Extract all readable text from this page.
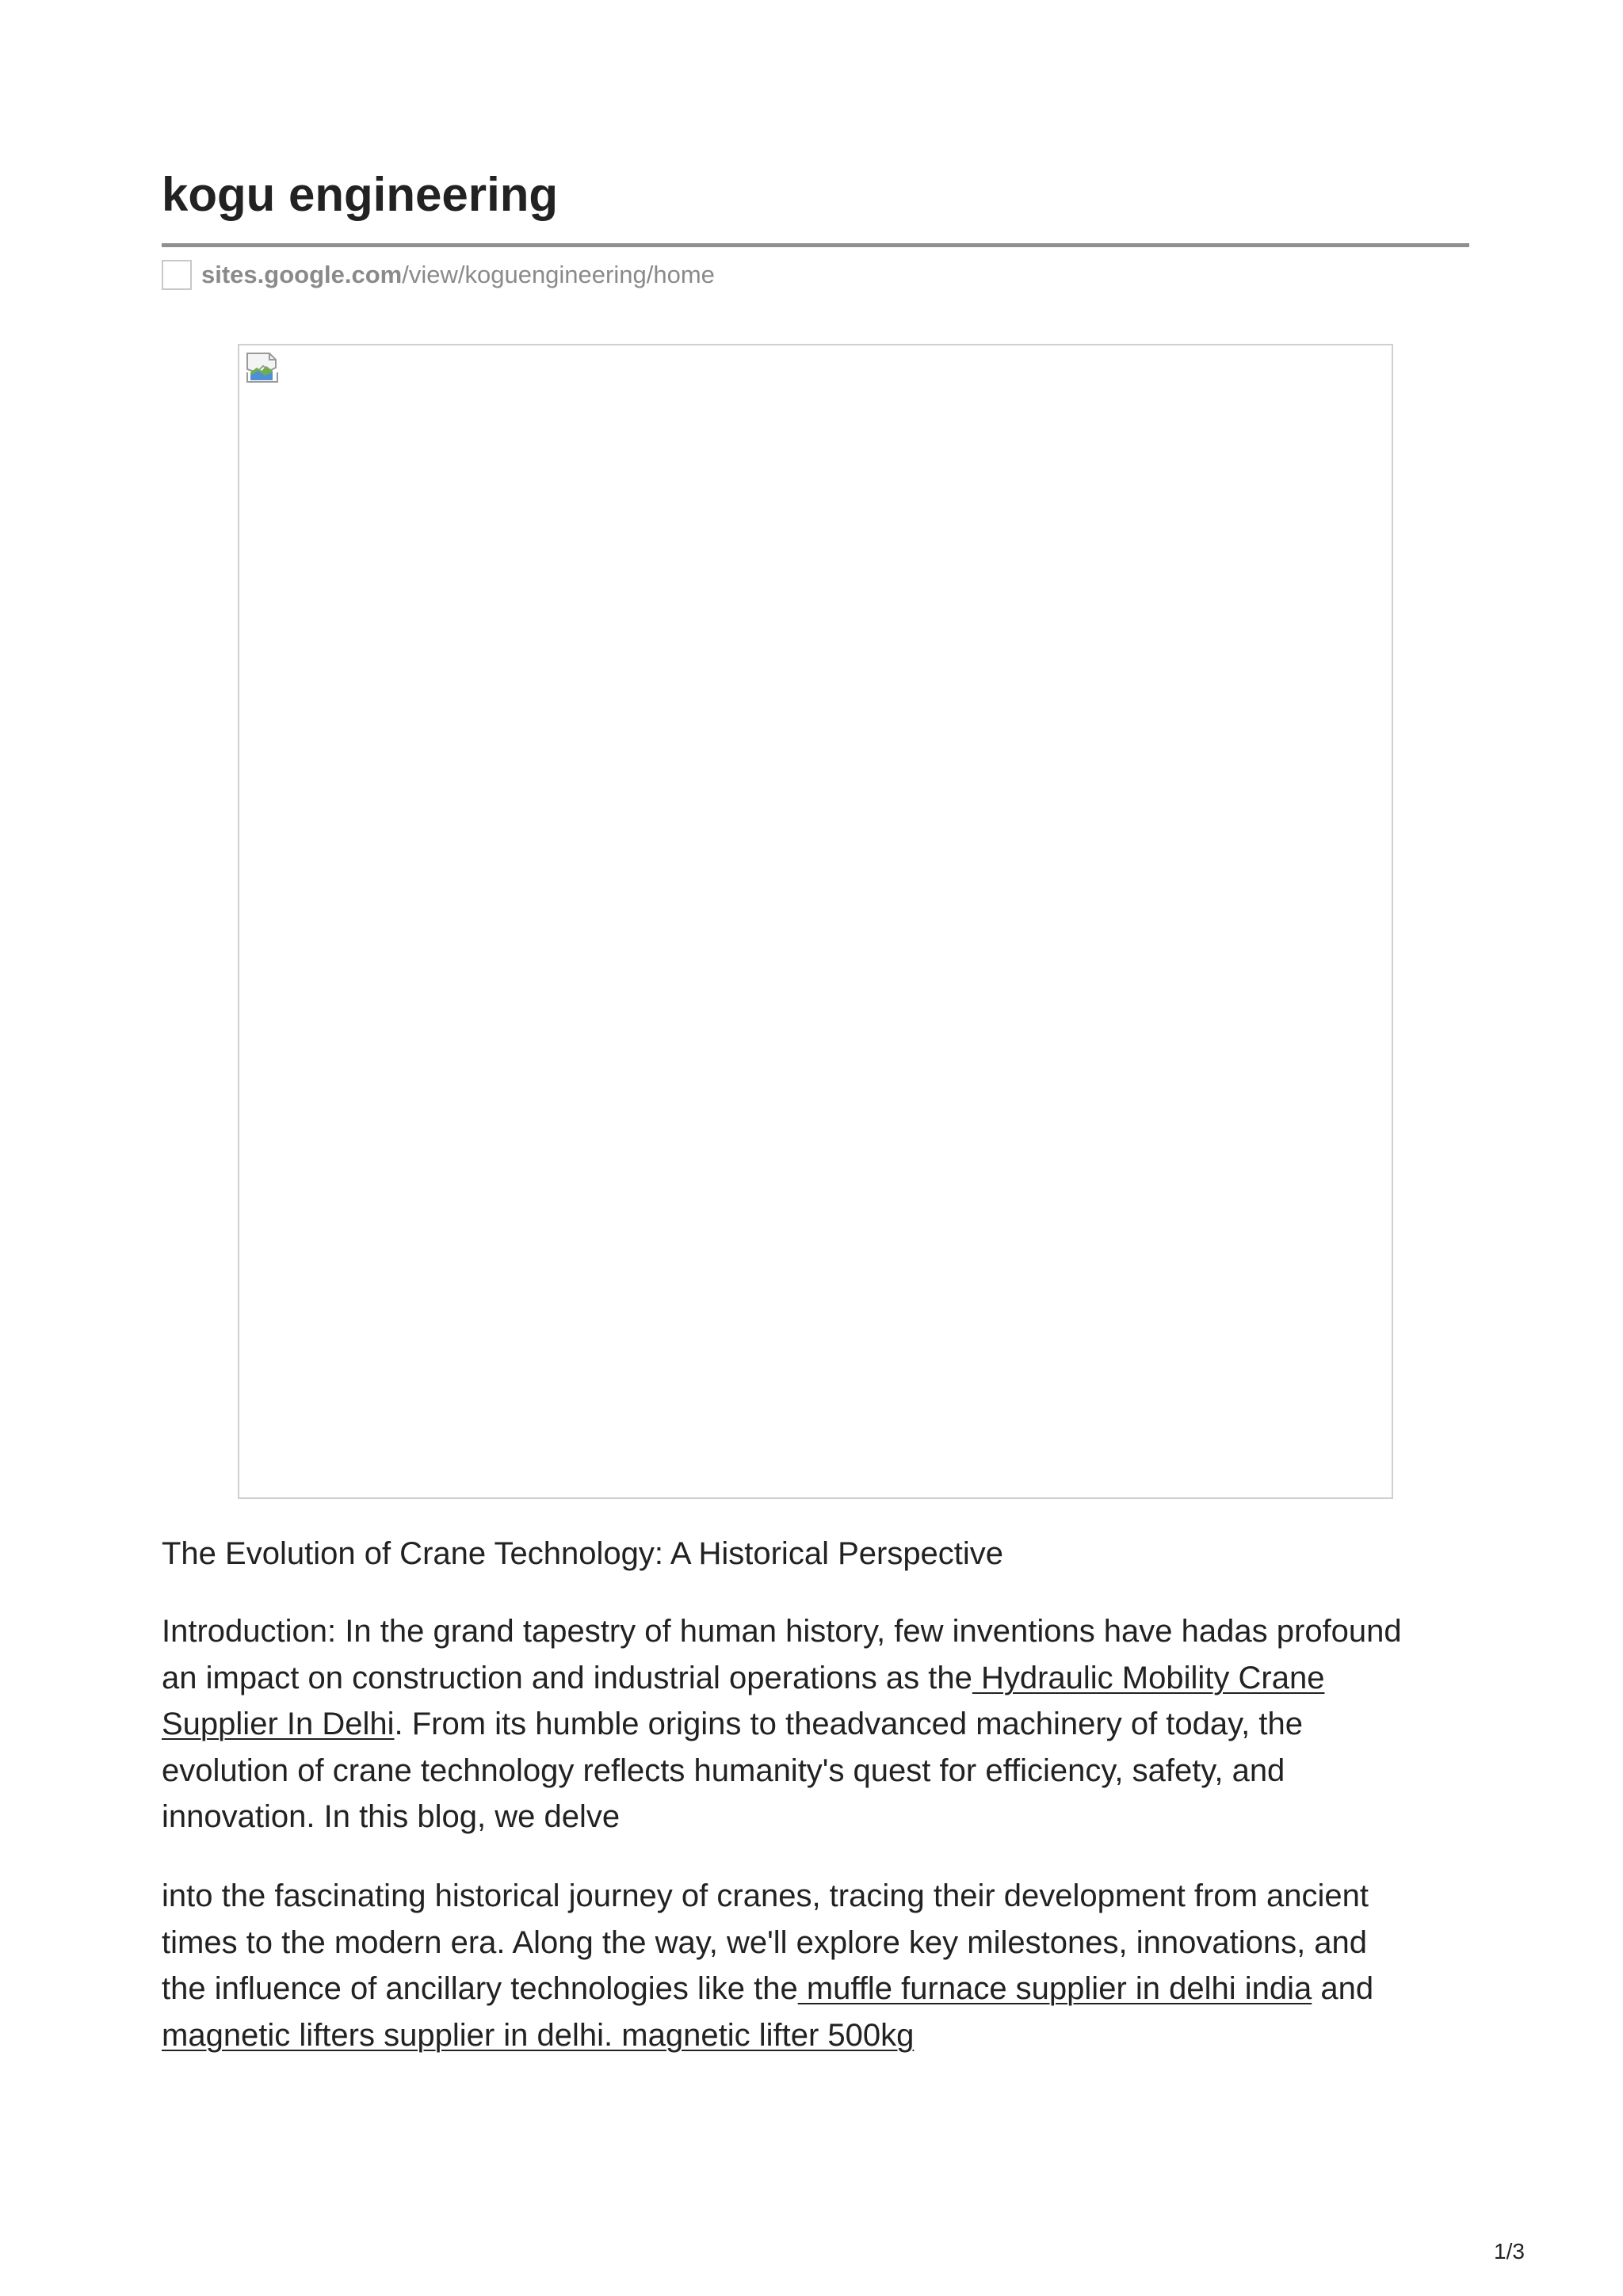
kogu engineering
sites.google.com /view/koguengineering/home
The Evolution of Crane Technology: A Historical Perspective

Introduction: In the grand tapestry of human history, few inventions have hadas profound
an impact on construction and industrial operations as the Hydraulic Mobility Crane
Supplier In Delhi. From its humble origins to theadvanced machinery of today, the
evolution of crane technology reflects humanity's quest for efficiency, safety, and
innovation. In this blog, we delve

into the fascinating historical journey of cranes, tracing their development from ancient
times to the modern era. Along the way, we'll explore key milestones, innovations, and
the influence of ancillary technologies like the muffle furnace supplier in delhi india and
magnetic lifters supplier in delhi. magnetic lifter 500kg

1/3
